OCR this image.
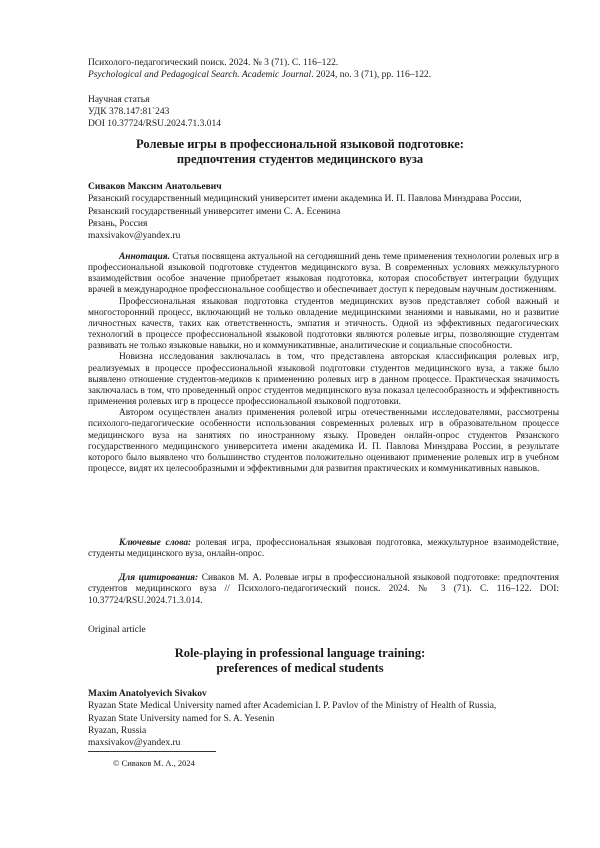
Психолого-педагогический поиск. 2024. № 3 (71). С. 116–122.
Psychological and Pedagogical Search. Academic Journal. 2024, no. 3 (71), pp. 116–122.
Научная статья
УДК 378.147:81`243
DOI 10.37724/RSU.2024.71.3.014
Ролевые игры в профессиональной языковой подготовке:
предпочтения студентов медицинского вуза
Сиваков Максим Анатольевич
Рязанский государственный медицинский университет имени академика И. П. Павлова Минздрава России,
Рязанский государственный университет имени С. А. Есенина
Рязань, Россия
maxsivakov@yandex.ru

Аннотация. Статья посвящена актуальной на сегодняшний день теме применения технологии ролевых игр в профессиональной языковой подготовке студентов медицинского вуза. В современных условиях межкультурного взаимодействия особое значение приобретает языковая подготовка, которая способствует интеграции будущих врачей в международное профессиональное сообщество и обеспечивает доступ к передовым научным достижениям.

Профессиональная языковая подготовка студентов медицинских вузов представляет собой важный и многосторонний процесс, включающий не только овладение медицинскими знаниями и навыками, но и развитие личностных качеств, таких как ответственность, эмпатия и этичность. Одной из эффективных педагогических технологий в процессе профессиональной языковой подготовки являются ролевые игры, позволяющие студентам развивать не только языковые навыки, но и коммуникативные, аналитические и социальные способности.

Новизна исследования заключалась в том, что представлена авторская классификация ролевых игр, реализуемых в процессе профессиональной языковой подготовки студентов медицинского вуза, а также было выявлено отношение студентов-медиков к применению ролевых игр в данном процессе. Практическая значимость заключалась в том, что проведенный опрос студентов медицинского вуза показал целесообразность и эффективность применения ролевых игр в процессе профессиональной языковой подготовки.

Автором осуществлен анализ применения ролевой игры отечественными исследователями, рассмотрены психолого-педагогические особенности использования современных ролевых игр в образовательном процессе медицинского вуза на занятиях по иностранному языку. Проведен онлайн-опрос студентов Рязанского государственного медицинского университета имени академика И. П. Павлова Минздрава России, в результате которого было выявлено что большинство студентов положительно оценивают применение ролевых игр в учебном процессе, видят их целесообразными и эффективными для развития практических и коммуникативных навыков.

Ключевые слова: ролевая игра, профессиональная языковая подготовка, межкультурное взаимодействие, студенты медицинского вуза, онлайн-опрос.

Для цитирования: Сиваков М. А. Ролевые игры в профессиональной языковой подготовке: предпочтения студентов медицинского вуза // Психолого-педагогический поиск. 2024. № 3 (71). С. 116–122. DOI: 10.37724/RSU.2024.71.3.014.

Original article
Role-playing in professional language training:
preferences of medical students
Maxim Anatolyevich Sivakov
Ryazan State Medical University named after Academician I. P. Pavlov of the Ministry of Health of Russia,
Ryazan State University named for S. A. Yesenin
Ryazan, Russia
maxsivakov@yandex.ru
© Сиваков М. А., 2024
